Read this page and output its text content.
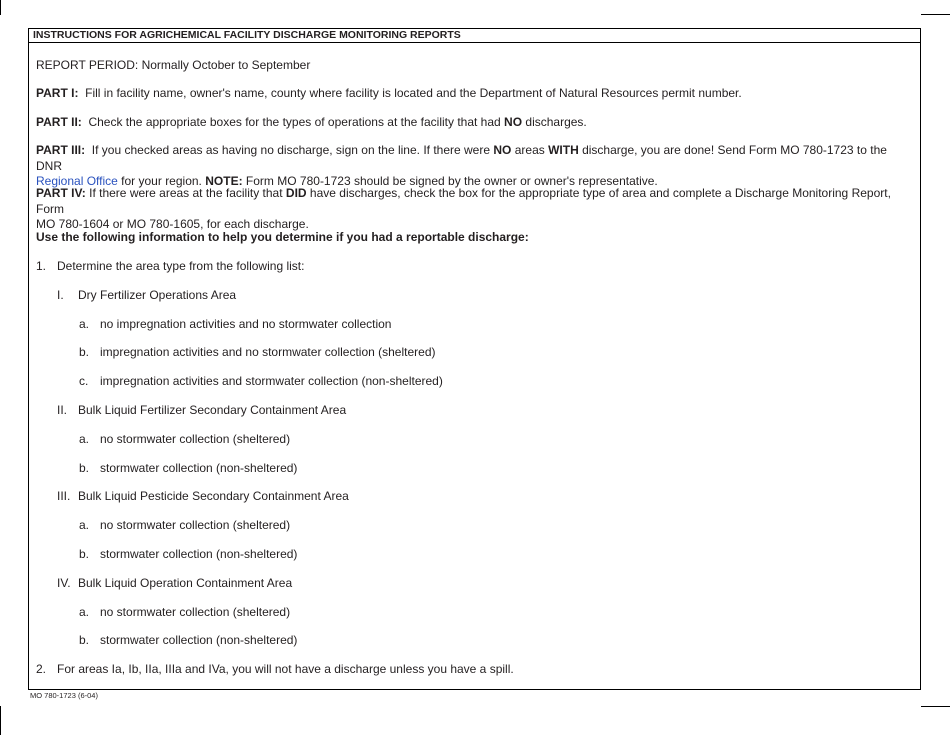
INSTRUCTIONS FOR AGRICHEMICAL FACILITY DISCHARGE MONITORING REPORTS
REPORT PERIOD: Normally October to September
PART I: Fill in facility name, owner's name, county where facility is located and the Department of Natural Resources permit number.
PART II: Check the appropriate boxes for the types of operations at the facility that had NO discharges.
PART III: If you checked areas as having no discharge, sign on the line. If there were NO areas WITH discharge, you are done! Send Form MO 780-1723 to the DNR
Regional Office for your region. NOTE: Form MO 780-1723 should be signed by the owner or owner's representative.
PART IV: If there were areas at the facility that DID have discharges, check the box for the appropriate type of area and complete a Discharge Monitoring Report, Form
MO 780-1604 or MO 780-1605, for each discharge.
Use the following information to help you determine if you had a reportable discharge:
1. Determine the area type from the following list:
I. Dry Fertilizer Operations Area
a. no impregnation activities and no stormwater collection
b. impregnation activities and no stormwater collection (sheltered)
c. impregnation activities and stormwater collection (non-sheltered)
II. Bulk Liquid Fertilizer Secondary Containment Area
a. no stormwater collection (sheltered)
b. stormwater collection (non-sheltered)
III. Bulk Liquid Pesticide Secondary Containment Area
a. no stormwater collection (sheltered)
b. stormwater collection (non-sheltered)
IV. Bulk Liquid Operation Containment Area
a. no stormwater collection (sheltered)
b. stormwater collection (non-sheltered)
2. For areas Ia, Ib, IIa, IIIa and IVa, you will not have a discharge unless you have a spill.
MO 780-1723 (6-04)
